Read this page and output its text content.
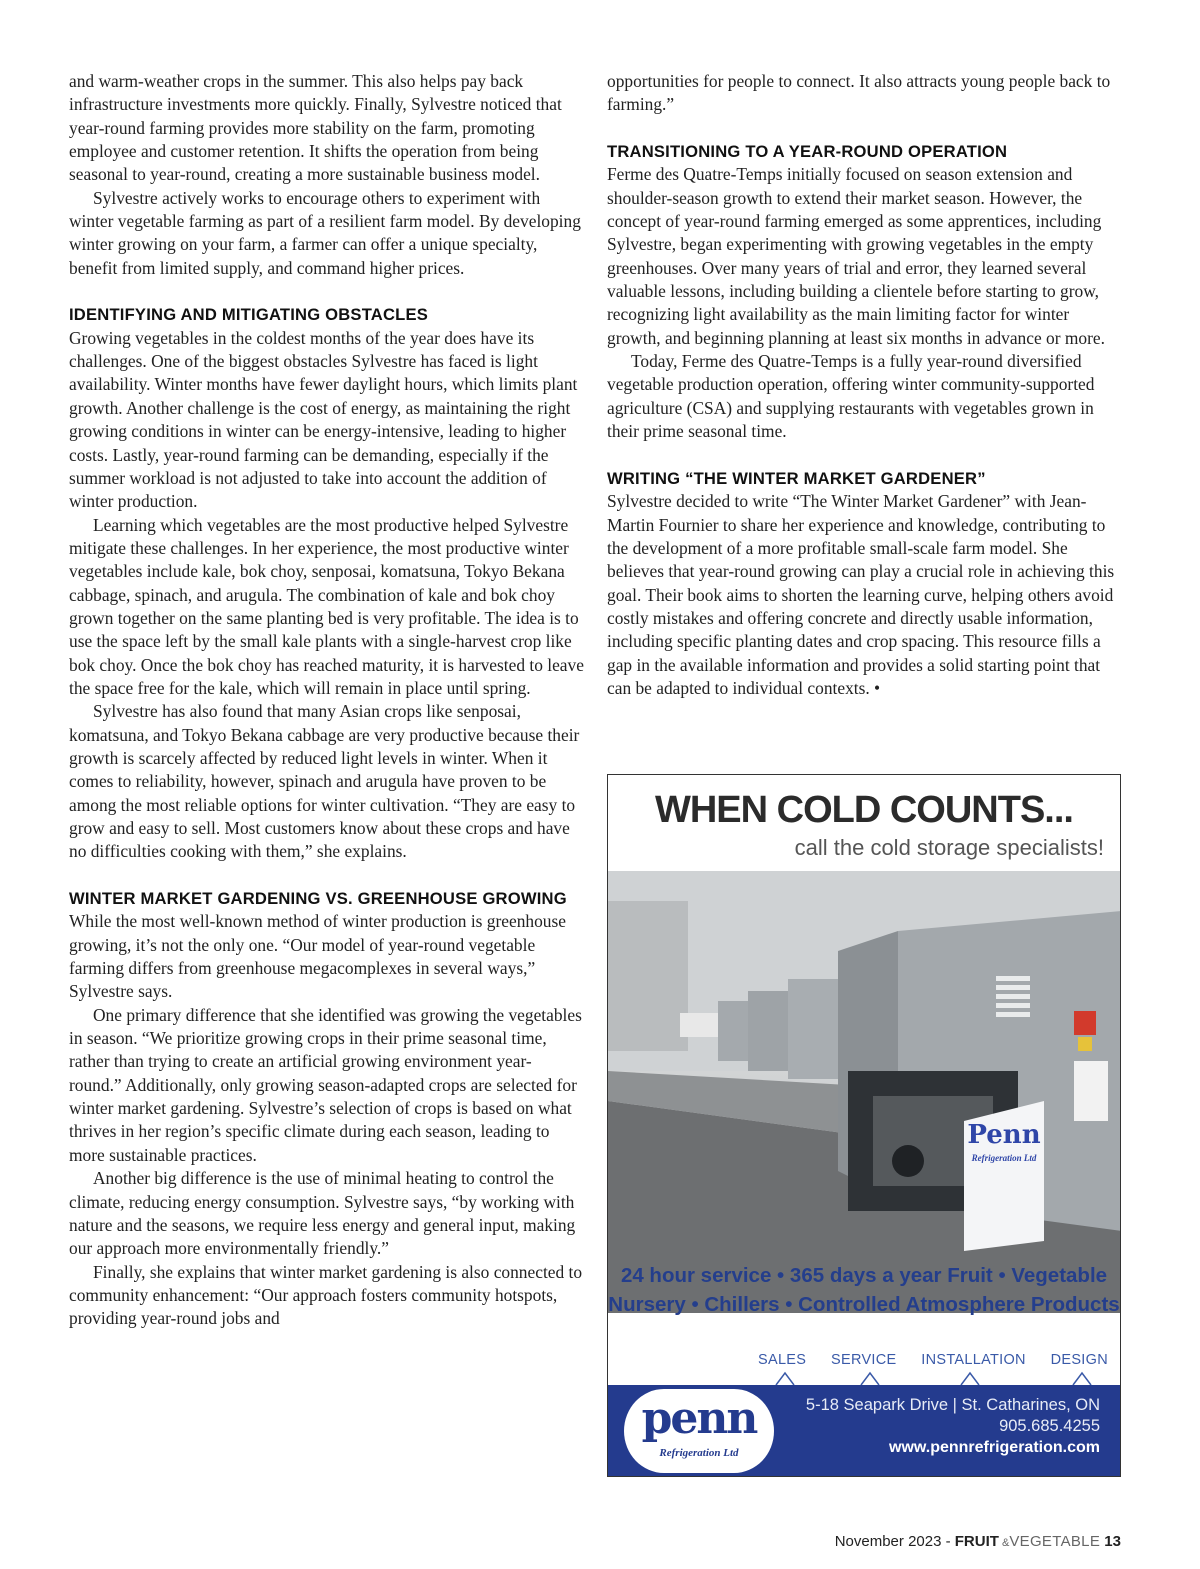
and warm-weather crops in the summer. This also helps pay back infrastructure investments more quickly. Finally, Sylvestre noticed that year-round farming provides more stability on the farm, promoting employee and customer retention. It shifts the operation from being seasonal to year-round, creating a more sustainable business model.

Sylvestre actively works to encourage others to experiment with winter vegetable farming as part of a resilient farm model. By developing winter growing on your farm, a farmer can offer a unique specialty, benefit from limited supply, and command higher prices.

IDENTIFYING AND MITIGATING OBSTACLES

Growing vegetables in the coldest months of the year does have its challenges. One of the biggest obstacles Sylvestre has faced is light availability. Winter months have fewer daylight hours, which limits plant growth. Another challenge is the cost of energy, as maintaining the right growing conditions in winter can be energy-intensive, leading to higher costs. Lastly, year-round farming can be demanding, especially if the summer workload is not adjusted to take into account the addition of winter production.

Learning which vegetables are the most productive helped Sylvestre mitigate these challenges. In her experience, the most productive winter vegetables include kale, bok choy, senposai, komatsuna, Tokyo Bekana cabbage, spinach, and arugula. The combination of kale and bok choy grown together on the same planting bed is very profitable. The idea is to use the space left by the small kale plants with a single-harvest crop like bok choy. Once the bok choy has reached maturity, it is harvested to leave the space free for the kale, which will remain in place until spring.

Sylvestre has also found that many Asian crops like senposai, komatsuna, and Tokyo Bekana cabbage are very productive because their growth is scarcely affected by reduced light levels in winter. When it comes to reliability, however, spinach and arugula have proven to be among the most reliable options for winter cultivation. “They are easy to grow and easy to sell. Most customers know about these crops and have no difficulties cooking with them,” she explains.

WINTER MARKET GARDENING VS. GREENHOUSE GROWING

While the most well-known method of winter production is greenhouse growing, it’s not the only one. “Our model of year-round vegetable farming differs from greenhouse megacomplexes in several ways,” Sylvestre says.

One primary difference that she identified was growing the vegetables in season. “We prioritize growing crops in their prime seasonal time, rather than trying to create an artificial growing environment year-round.” Additionally, only growing season-adapted crops are selected for winter market gardening. Sylvestre’s selection of crops is based on what thrives in her region’s specific climate during each season, leading to more sustainable practices.

Another big difference is the use of minimal heating to control the climate, reducing energy consumption. Sylvestre says, “by working with nature and the seasons, we require less energy and general input, making our approach more environmentally friendly.”

Finally, she explains that winter market gardening is also connected to community enhancement: “Our approach fosters community hotspots, providing year-round jobs and

opportunities for people to connect. It also attracts young people back to farming.”

TRANSITIONING TO A YEAR-ROUND OPERATION

Ferme des Quatre-Temps initially focused on season extension and shoulder-season growth to extend their market season. However, the concept of year-round farming emerged as some apprentices, including Sylvestre, began experimenting with growing vegetables in the empty greenhouses. Over many years of trial and error, they learned several valuable lessons, including building a clientele before starting to grow, recognizing light availability as the main limiting factor for winter growth, and beginning planning at least six months in advance or more.

Today, Ferme des Quatre-Temps is a fully year-round diversified vegetable production operation, offering winter community-supported agriculture (CSA) and supplying restaurants with vegetables grown in their prime seasonal time.

WRITING “THE WINTER MARKET GARDENER”

Sylvestre decided to write “The Winter Market Gardener” with Jean-Martin Fournier to share her experience and knowledge, contributing to the development of a more profitable small-scale farm model. She believes that year-round growing can play a crucial role in achieving this goal. Their book aims to shorten the learning curve, helping others avoid costly mistakes and offering concrete and directly usable information, including specific planting dates and crop spacing. This resource fills a gap in the available information and provides a solid starting point that can be adapted to individual contexts. •

WHEN COLD COUNTS...
call the cold storage specialists!
Penn
Refrigeration Ltd
24 hour service • 365 days a year Fruit • Vegetable
Nursery • Chillers • Controlled Atmosphere Products
SALES SERVICE INSTALLATION DESIGN
penn
Refrigeration Ltd
5-18 Seapark Drive | St. Catharines, ON
905.685.4255
www.pennrefrigeration.com
November 2023 - FRUIT &VEGETABLE 13
